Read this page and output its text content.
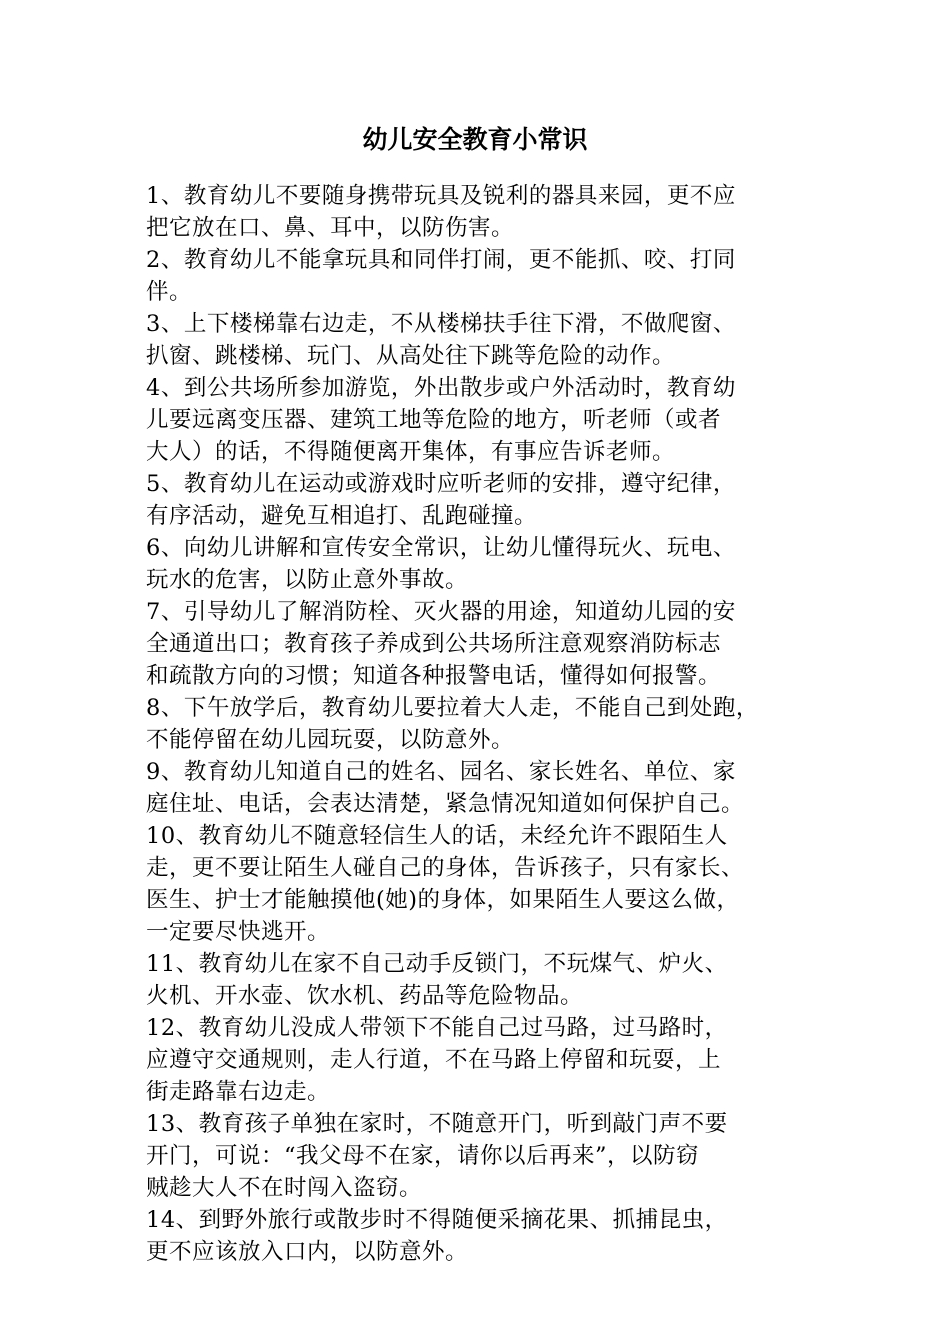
幼儿安全教育小常识
1、教育幼儿不要随身携带玩具及锐利的器具来园，更不应
把它放在口、鼻、耳中，以防伤害。
2、教育幼儿不能拿玩具和同伴打闹，更不能抓、咬、打同
伴。
3、上下楼梯靠右边走，不从楼梯扶手往下滑，不做爬窗、
扒窗、跳楼梯、玩门、从高处往下跳等危险的动作。
4、到公共场所参加游览，外出散步或户外活动时，教育幼
儿要远离变压器、建筑工地等危险的地方，听老师（或者
大人）的话，不得随便离开集体，有事应告诉老师。
5、教育幼儿在运动或游戏时应听老师的安排，遵守纪律，
有序活动，避免互相追打、乱跑碰撞。
6、向幼儿讲解和宣传安全常识，让幼儿懂得玩火、玩电、
玩水的危害，以防止意外事故。
7、引导幼儿了解消防栓、灭火器的用途，知道幼儿园的安
全通道出口；教育孩子养成到公共场所注意观察消防标志
和疏散方向的习惯；知道各种报警电话，懂得如何报警。
8、下午放学后，教育幼儿要拉着大人走，不能自己到处跑，
不能停留在幼儿园玩耍，以防意外。
9、教育幼儿知道自己的姓名、园名、家长姓名、单位、家
庭住址、电话，会表达清楚，紧急情况知道如何保护自己。
10、教育幼儿不随意轻信生人的话，未经允许不跟陌生人
走，更不要让陌生人碰自己的身体，告诉孩子，只有家长、
医生、护士才能触摸他(她)的身体，如果陌生人要这么做，
一定要尽快逃开。
11、教育幼儿在家不自己动手反锁门，不玩煤气、炉火、
火机、开水壶、饮水机、药品等危险物品。
12、教育幼儿没成人带领下不能自己过马路，过马路时，
应遵守交通规则，走人行道，不在马路上停留和玩耍，上
街走路靠右边走。
13、教育孩子单独在家时，不随意开门，听到敲门声不要
开门，可说：“我父母不在家，请你以后再来”，以防窃
贼趁大人不在时闯入盗窃。
14、到野外旅行或散步时不得随便采摘花果、抓捕昆虫，
更不应该放入口内，以防意外。
